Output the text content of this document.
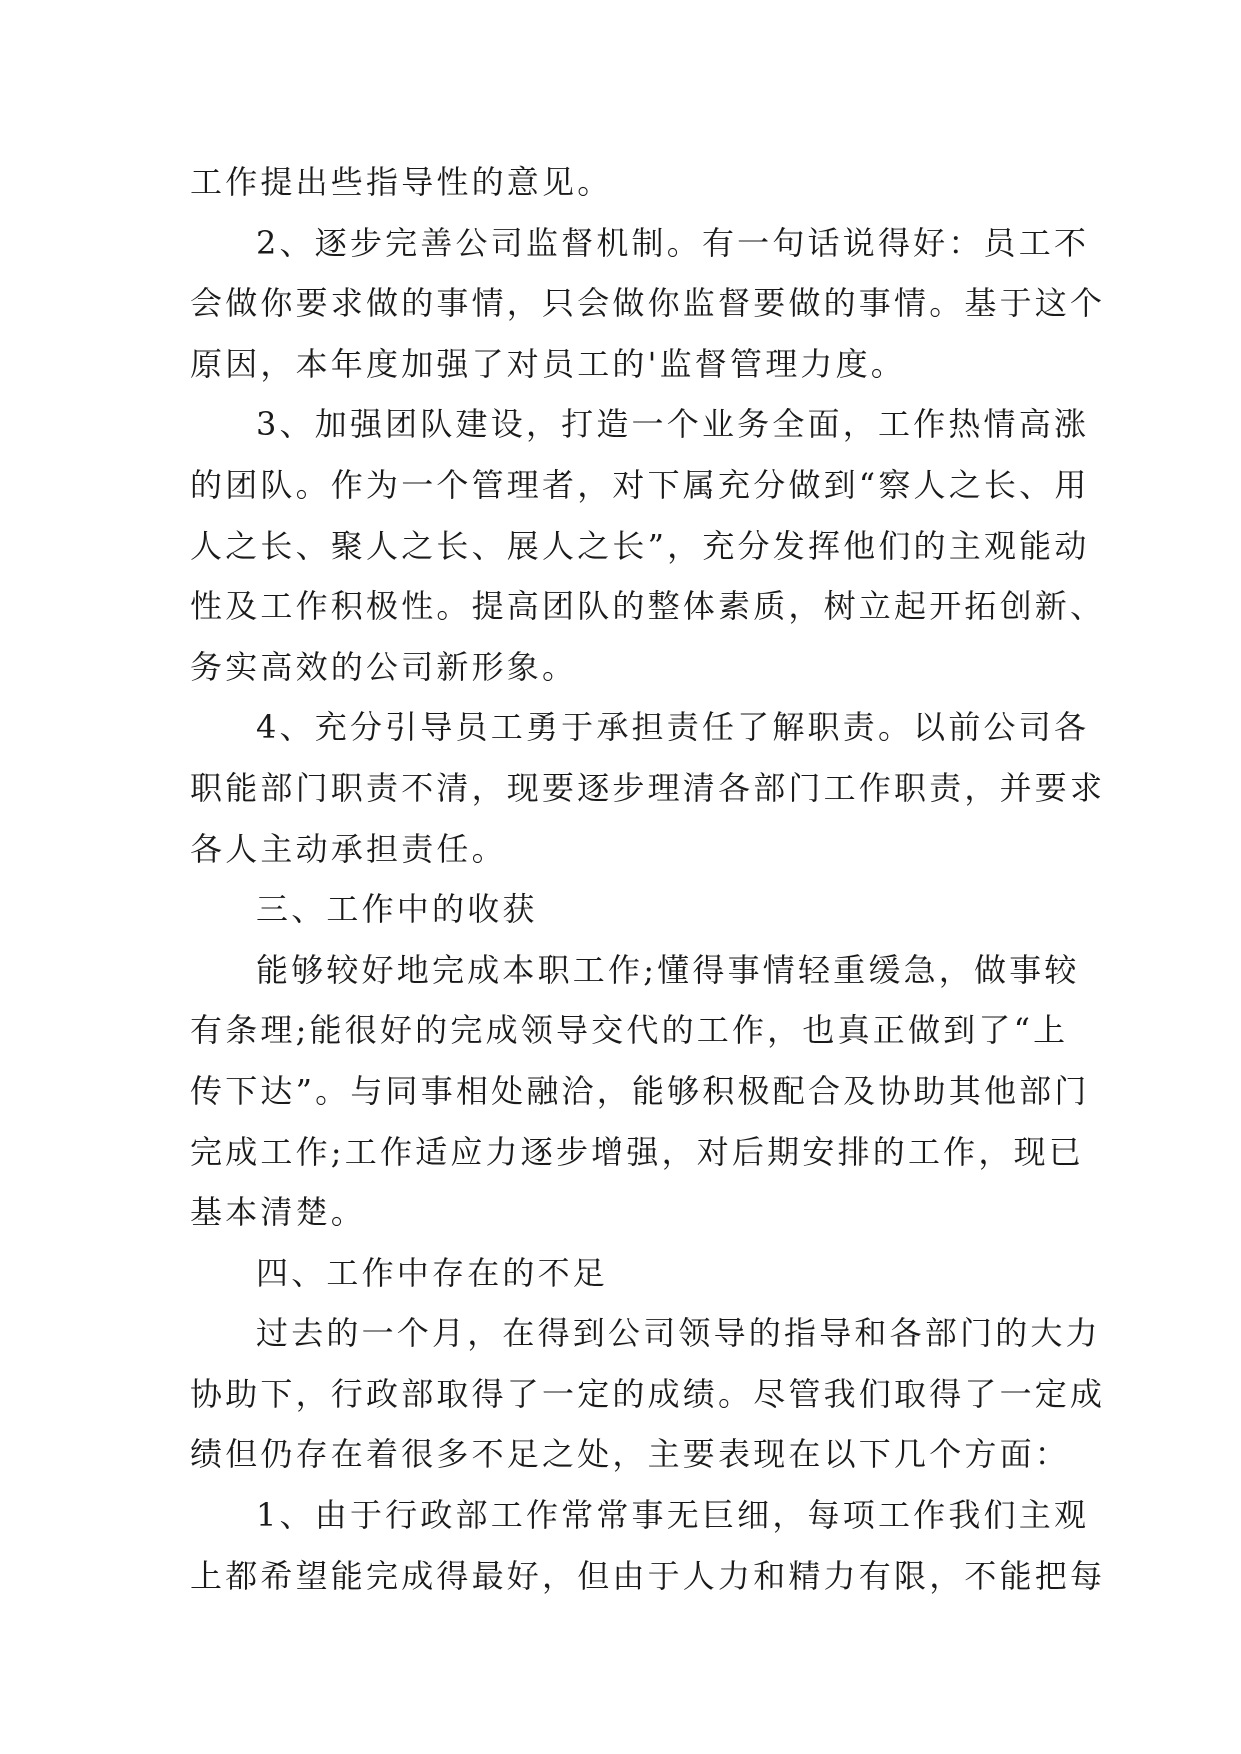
工作提出些指导性的意见。
2、逐步完善公司监督机制。有一句话说得好：员工不
会做你要求做的事情，只会做你监督要做的事情。基于这个
原因，本年度加强了对员工的'监督管理力度。
3、加强团队建设，打造一个业务全面，工作热情高涨
的团队。作为一个管理者，对下属充分做到“察人之长、用
人之长、聚人之长、展人之长”，充分发挥他们的主观能动
性及工作积极性。提高团队的整体素质，树立起开拓创新、
务实高效的公司新形象。
4、充分引导员工勇于承担责任了解职责。以前公司各
职能部门职责不清，现要逐步理清各部门工作职责，并要求
各人主动承担责任。
三、工作中的收获
能够较好地完成本职工作;懂得事情轻重缓急，做事较
有条理;能很好的完成领导交代的工作，也真正做到了“上
传下达”。与同事相处融洽，能够积极配合及协助其他部门
完成工作;工作适应力逐步增强，对后期安排的工作，现已
基本清楚。
四、工作中存在的不足
过去的一个月，在得到公司领导的指导和各部门的大力
协助下，行政部取得了一定的成绩。尽管我们取得了一定成
绩但仍存在着很多不足之处，主要表现在以下几个方面：
1、由于行政部工作常常事无巨细，每项工作我们主观
上都希望能完成得最好，但由于人力和精力有限，不能把每
